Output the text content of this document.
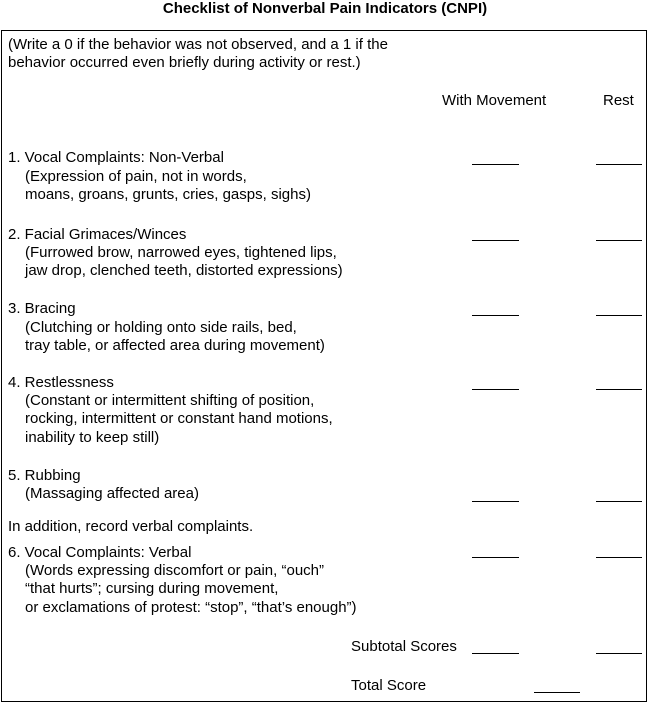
Checklist of Nonverbal Pain Indicators (CNPI)
(Write a 0 if the behavior was not observed, and a 1 if the
behavior occurred even briefly during activity or rest.)
With Movement	Rest
1. Vocal Complaints: Non-Verbal
(Expression of pain, not in words,
moans, groans, grunts, cries, gasps, sighs)
2. Facial Grimaces/Winces
(Furrowed brow, narrowed eyes, tightened lips,
jaw drop, clenched teeth, distorted expressions)
3. Bracing
(Clutching or holding onto side rails, bed,
tray table, or affected area during movement)
4. Restlessness
(Constant or intermittent shifting of position,
rocking, intermittent or constant hand motions,
inability to keep still)
5. Rubbing
(Massaging affected area)
In addition, record verbal complaints.
6. Vocal Complaints: Verbal
(Words expressing discomfort or pain, “ouch”
“that hurts”; cursing during movement,
or exclamations of protest: “stop”, “that’s enough”)
Subtotal Scores
Total Score
